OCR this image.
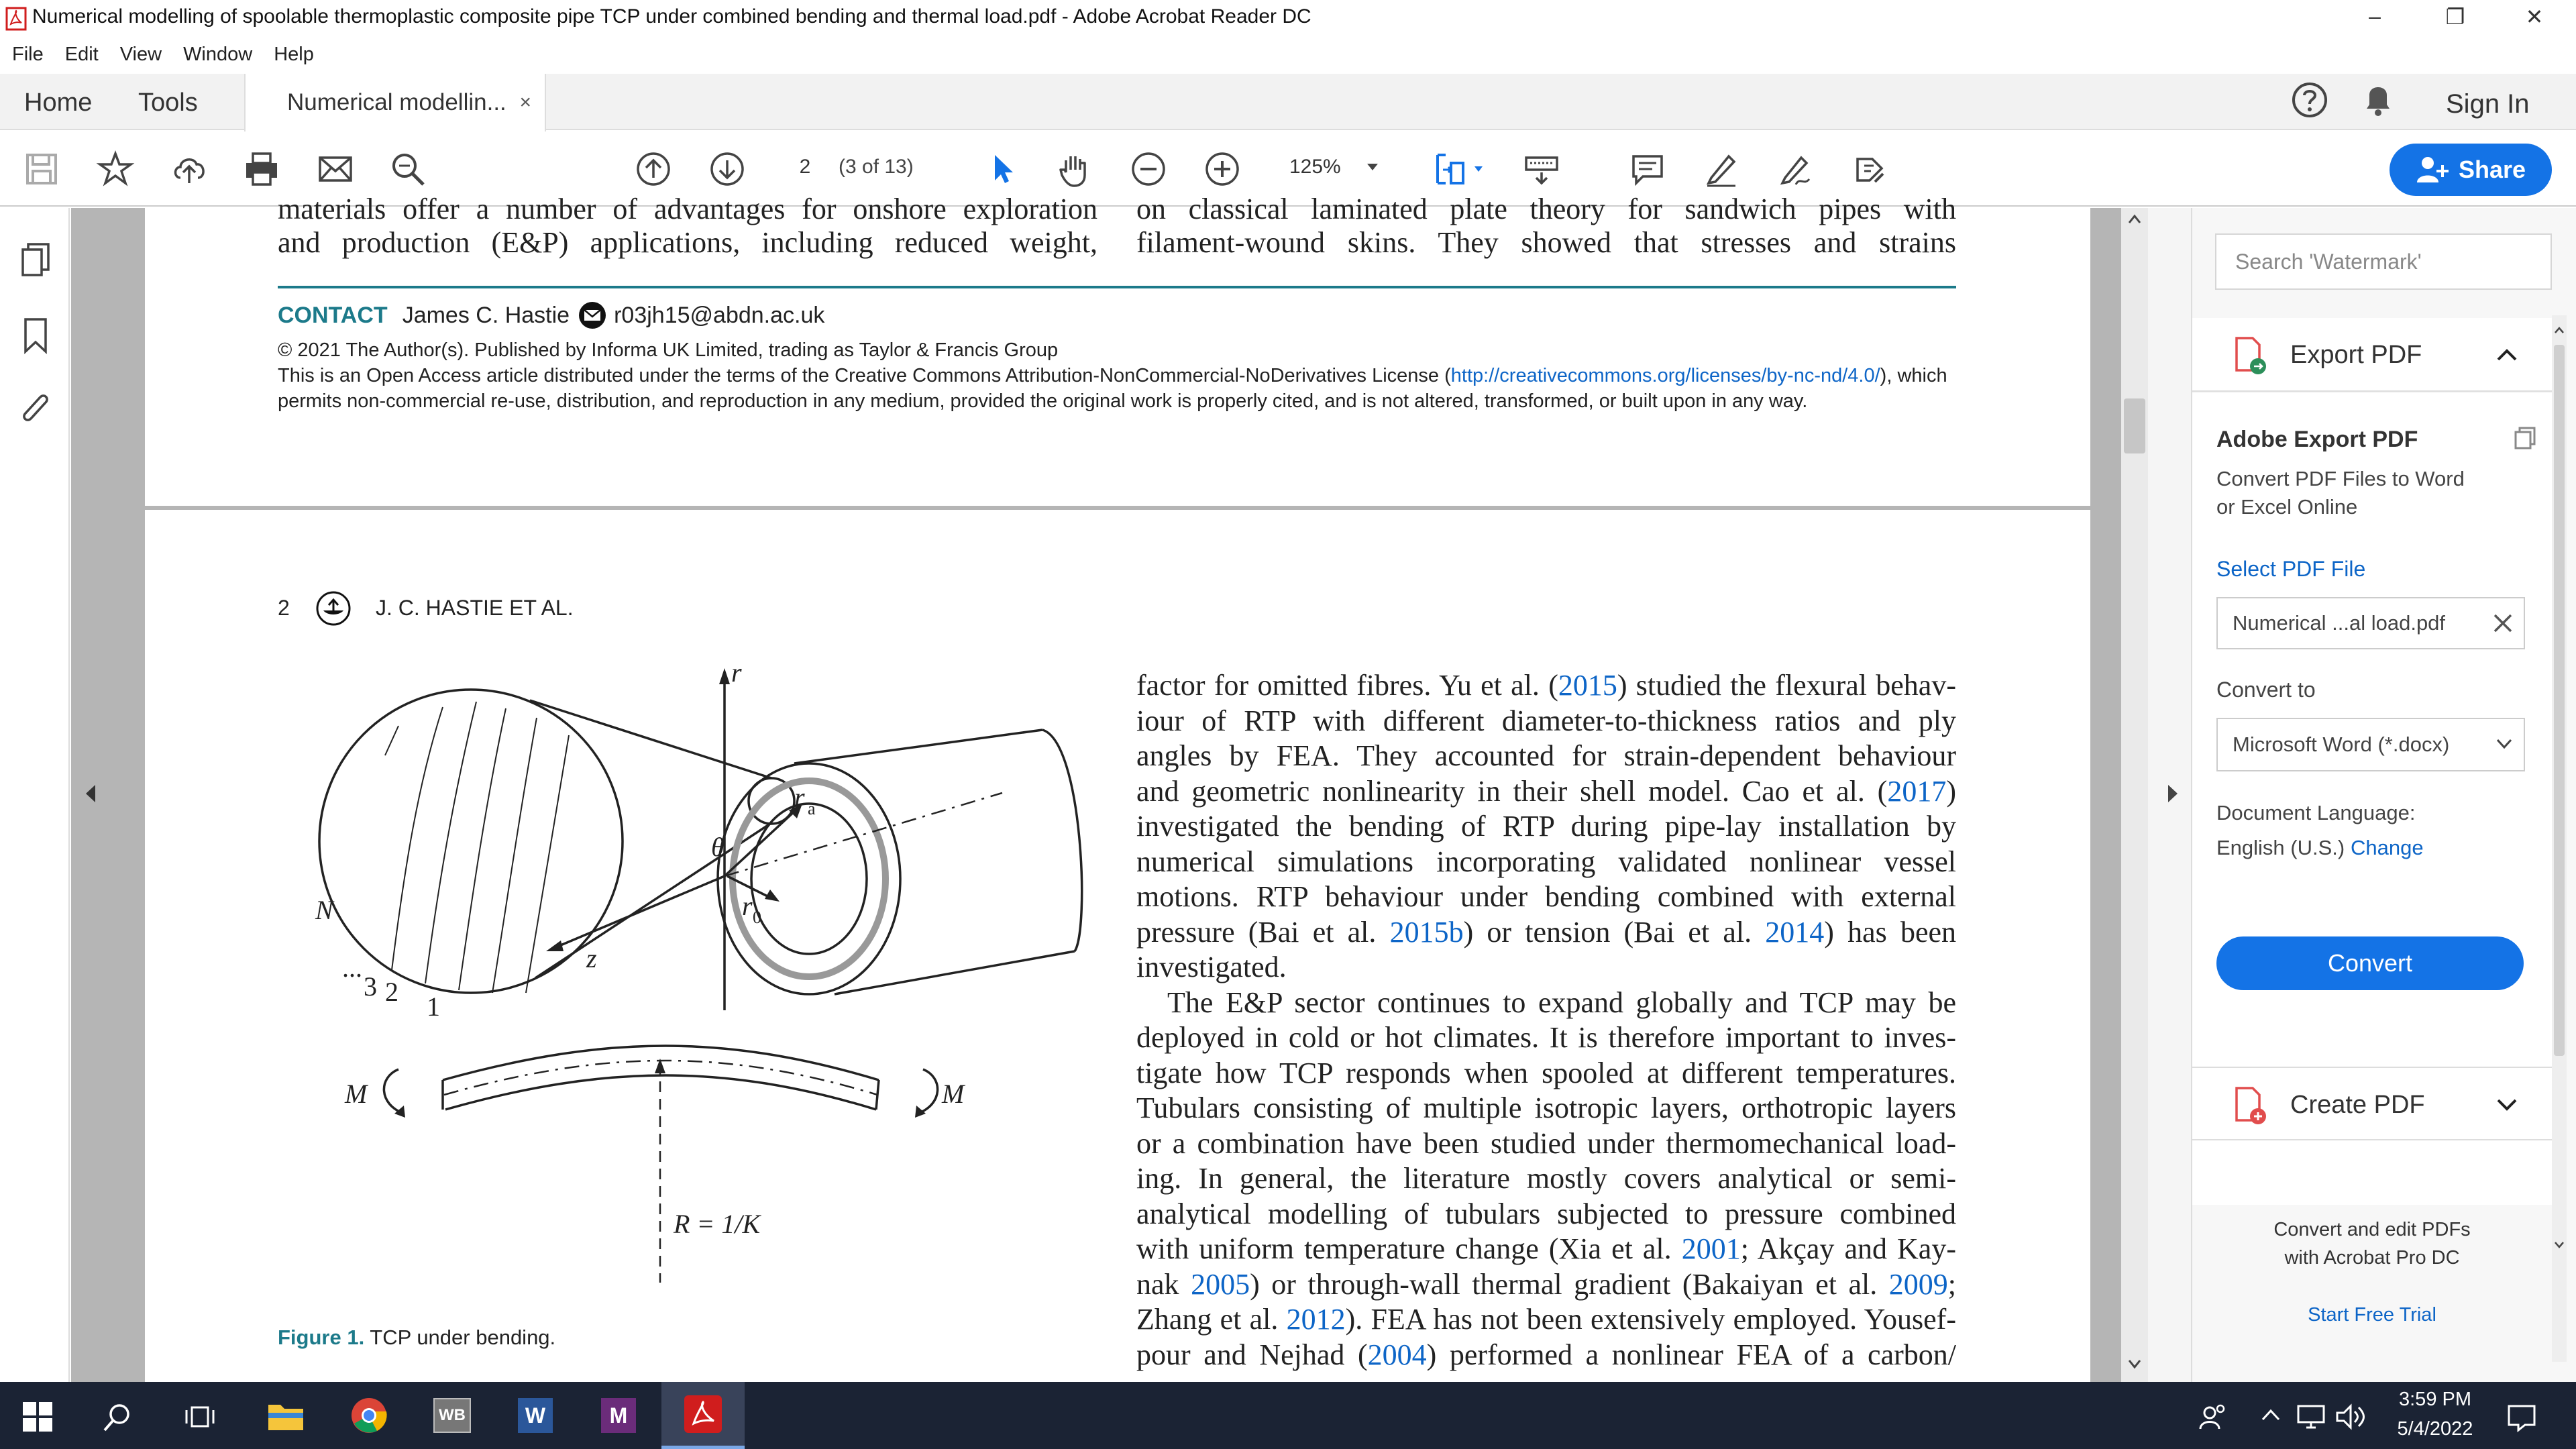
Numerical modelling of spoolable thermoplastic composite pipe TCP under combined bending and thermal load.pdf - Adobe Acrobat Reader DC	–	❐	✕
File Edit View Window Help
Home Tools	Sign In
Numerical modellin... ×
2	(3 of 13)	125%	Share
materials offer a number of advantages for onshore exploration
and production (E&P) applications, including reduced weight,
on classical laminated plate theory for sandwich pipes with
filament-wound skins. They showed that stresses and strains
CONTACT James C. Hastie r03jh15@abdn.ac.uk
© 2021 The Author(s). Published by Informa UK Limited, trading as Taylor & Francis Group
This is an Open Access article distributed under the terms of the Creative Commons Attribution-NonCommercial-NoDerivatives License (http://creativecommons.org/licenses/by-nc-nd/4.0/), which
permits non-commercial re-use, distribution, and reproduction in any medium, provided the original work is properly cited, and is not altered, transformed, or built upon in any way.
2	J. C. HASTIE ET AL.
r
r a
θ
r 0
z
N
...
3 2 1
M	M
R = 1/K
Figure 1. TCP under bending.
factor for omitted fibres. Yu et al. (2015) studied the flexural behav-
iour of RTP with different diameter-to-thickness ratios and ply
angles by FEA. They accounted for strain-dependent behaviour
and geometric nonlinearity in their shell model. Cao et al. (2017)
investigated the bending of RTP during pipe-lay installation by
numerical simulations incorporating validated nonlinear vessel
motions. RTP behaviour under bending combined with external
pressure (Bai et al. 2015b) or tension (Bai et al. 2014) has been
investigated.
The E&P sector continues to expand globally and TCP may be
deployed in cold or hot climates. It is therefore important to inves-
tigate how TCP responds when spooled at different temperatures.
Tubulars consisting of multiple isotropic layers, orthotropic layers
or a combination have been studied under thermomechanical load-
ing. In general, the literature mostly covers analytical or semi-
analytical modelling of tubulars subjected to pressure combined
with uniform temperature change (Xia et al. 2001; Akçay and Kay-
nak 2005) or through-wall thermal gradient (Bakaiyan et al. 2009;
Zhang et al. 2012). FEA has not been extensively employed. Yousef-
pour and Nejhad (2004) performed a nonlinear FEA of a carbon/
Search 'Watermark'
Export PDF
Adobe Export PDF
Convert PDF Files to Word
or Excel Online
Select PDF File
Numerical ...al load.pdf
Convert to
Microsoft Word (*.docx)
Document Language:
English (U.S.) Change
Convert
Create PDF
Convert and edit PDFs
with Acrobat Pro DC
Start Free Trial
WB	W	M
3:59 PM
5/4/2022
